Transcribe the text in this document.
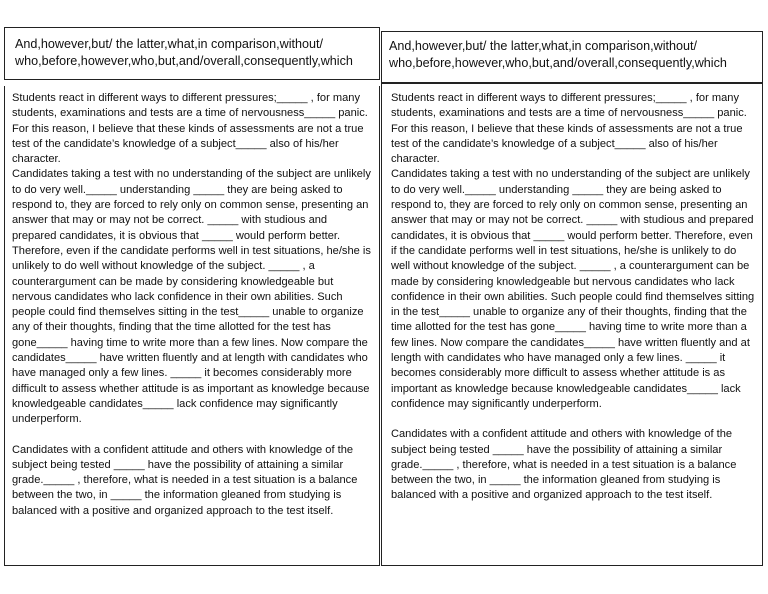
And,however,but/ the latter,what,in comparison,without/
who,before,however,who,but,and/overall,consequently,which

Students react in different ways to different pressures;_____ , for many students, examinations and tests are a time of nervousness_____ panic. For this reason, I believe that these kinds of assessments are not a true test of the candidate’s knowledge of a subject_____ also of his/her character.

Candidates taking a test with no understanding of the subject are unlikely to do very well._____ understanding _____ they are being asked to respond to, they are forced to rely only on common sense, presenting an answer that may or may not be correct. _____ with studious and prepared candidates, it is obvious that _____ would perform better. Therefore, even if the candidate performs well in test situations, he/she is unlikely to do well without knowledge of the subject. _____ , a counterargument can be made by considering knowledgeable but nervous candidates who lack confidence in their own abilities. Such people could find themselves sitting in the test_____ unable to organize any of their thoughts, finding that the time allotted for the test has gone_____ having time to write more than a few lines. Now compare the candidates_____ have written fluently and at length with candidates who have managed only a few lines. _____ it becomes considerably more difficult to assess whether attitude is as important as knowledge because knowledgeable candidates_____ lack confidence may significantly underperform.

Candidates with a confident attitude and others with knowledge of the subject being tested _____ have the possibility of attaining a similar grade._____ , therefore, what is needed in a test situation is a balance between the two, in _____ the information gleaned from studying is balanced with a positive and organized approach to the test itself.

And,however,but/ the latter,what,in comparison,without/
who,before,however,who,but,and/overall,consequently,which

Students react in different ways to different pressures;_____ , for many students, examinations and tests are a time of nervousness_____ panic. For this reason, I believe that these kinds of assessments are not a true test of the candidate’s knowledge of a subject_____ also of his/her character.

Candidates taking a test with no understanding of the subject are unlikely to do very well._____ understanding _____ they are being asked to respond to, they are forced to rely only on common sense, presenting an answer that may or may not be correct. _____ with studious and prepared candidates, it is obvious that _____ would perform better. Therefore, even if the candidate performs well in test situations, he/she is unlikely to do well without knowledge of the subject. _____ , a counterargument can be made by considering knowledgeable but nervous candidates who lack confidence in their own abilities. Such people could find themselves sitting in the test_____ unable to organize any of their thoughts, finding that the time allotted for the test has gone_____ having time to write more than a few lines. Now compare the candidates_____ have written fluently and at length with candidates who have managed only a few lines. _____ it becomes considerably more difficult to assess whether attitude is as important as knowledge because knowledgeable candidates_____ lack confidence may significantly underperform.

Candidates with a confident attitude and others with knowledge of the subject being tested _____ have the possibility of attaining a similar grade._____ , therefore, what is needed in a test situation is a balance between the two, in _____ the information gleaned from studying is balanced with a positive and organized approach to the test itself.
